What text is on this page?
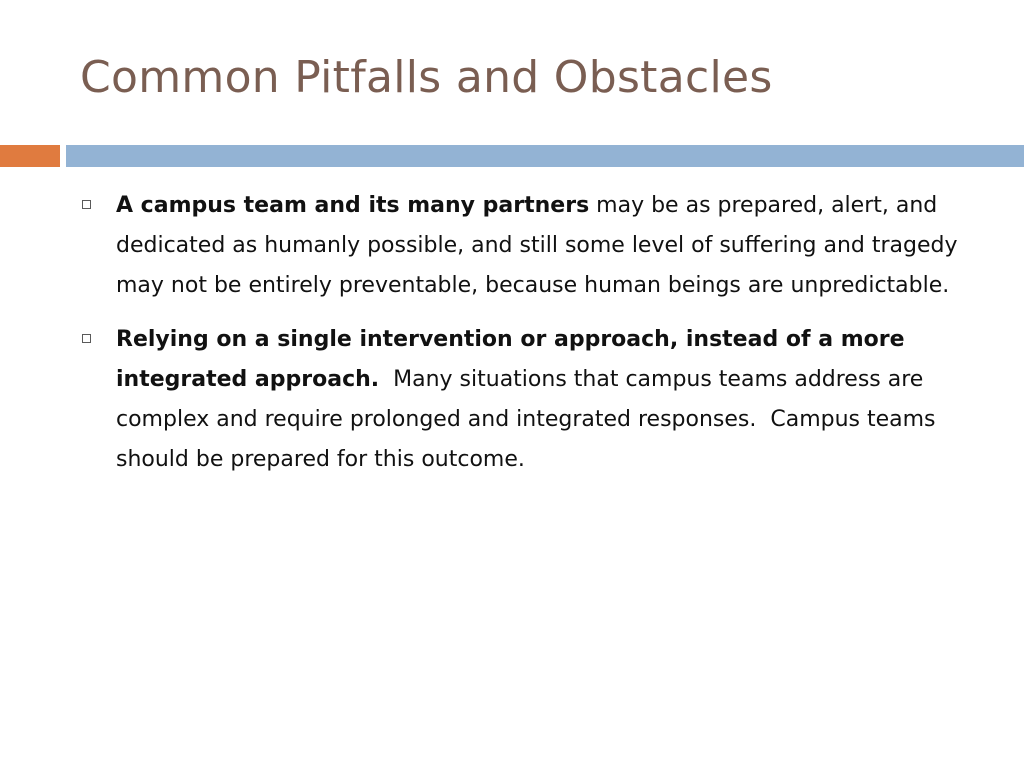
Common Pitfalls and Obstacles
A campus team and its many partners may be as prepared, alert, and dedicated as humanly possible, and still some level of suffering and tragedy may not be entirely preventable, because human beings are unpredictable.
Relying on a single intervention or approach, instead of a more integrated approach.  Many situations that campus teams address are complex and require prolonged and integrated responses.  Campus teams should be prepared for this outcome.
